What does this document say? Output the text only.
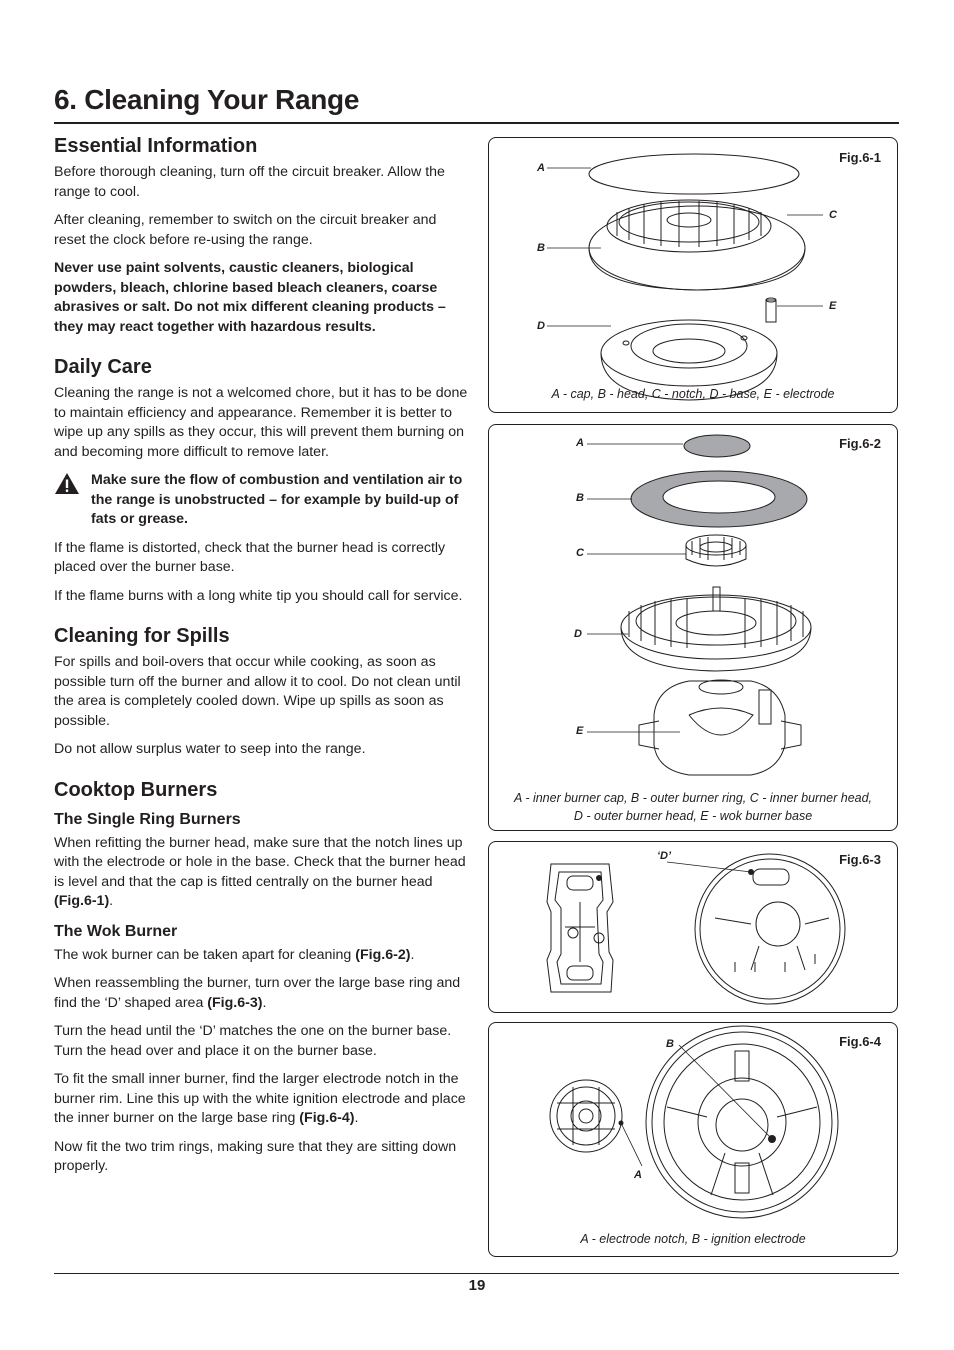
6. Cleaning Your Range
Essential Information

Before thorough cleaning, turn off the circuit breaker. Allow the range to cool.

After cleaning, remember to switch on the circuit breaker and reset the clock before re-using the range.

Never use paint solvents, caustic cleaners, biological powders, bleach, chlorine based bleach cleaners, coarse abrasives or salt. Do not mix different cleaning products – they may react together with hazardous results.

Daily Care

Cleaning the range is not a welcomed chore, but it has to be done to maintain efficiency and appearance. Remember it is better to wipe up any spills as they occur, this will prevent them burning on and becoming more difficult to remove later.

Make sure the flow of combustion and ventilation air to the range is unobstructed – for example by build-up of fats or grease.

If the flame is distorted, check that the burner head is correctly placed over the burner base.

If the flame burns with a long white tip you should call for service.

Cleaning for Spills

For spills and boil-overs that occur while cooking, as soon as possible turn off the burner and allow it to cool. Do not clean until the area is completely cooled down. Wipe up spills as soon as possible.

Do not allow surplus water to seep into the range.

Cooktop Burners
The Single Ring Burners

When refitting the burner head, make sure that the notch lines up with the electrode or hole in the base. Check that the burner head is level and that the cap is fitted centrally on the burner head (Fig.6-1).

The Wok Burner

The wok burner can be taken apart for cleaning (Fig.6-2).

When reassembling the burner, turn over the large base ring and find the ‘D’ shaped area (Fig.6-3).

Turn the head until the ‘D’ matches the one on the burner base. Turn the head over and place it on the burner base.

To fit the small inner burner, find the larger electrode notch in the burner rim. Line this up with the white ignition electrode and place the inner burner on the large base ring (Fig.6-4).

Now fit the two trim rings, making sure that they are sitting down properly.

Fig.6-1
A
B
C
D
E
A - cap, B - head, C - notch, D - base, E - electrode
Fig.6-2
A
B
C
D
E
A - inner burner cap, B - outer burner ring, C - inner burner head,
D - outer burner head, E - wok burner base
Fig.6-3
‘D’
Fig.6-4
A
B
A - electrode notch, B - ignition electrode
19
